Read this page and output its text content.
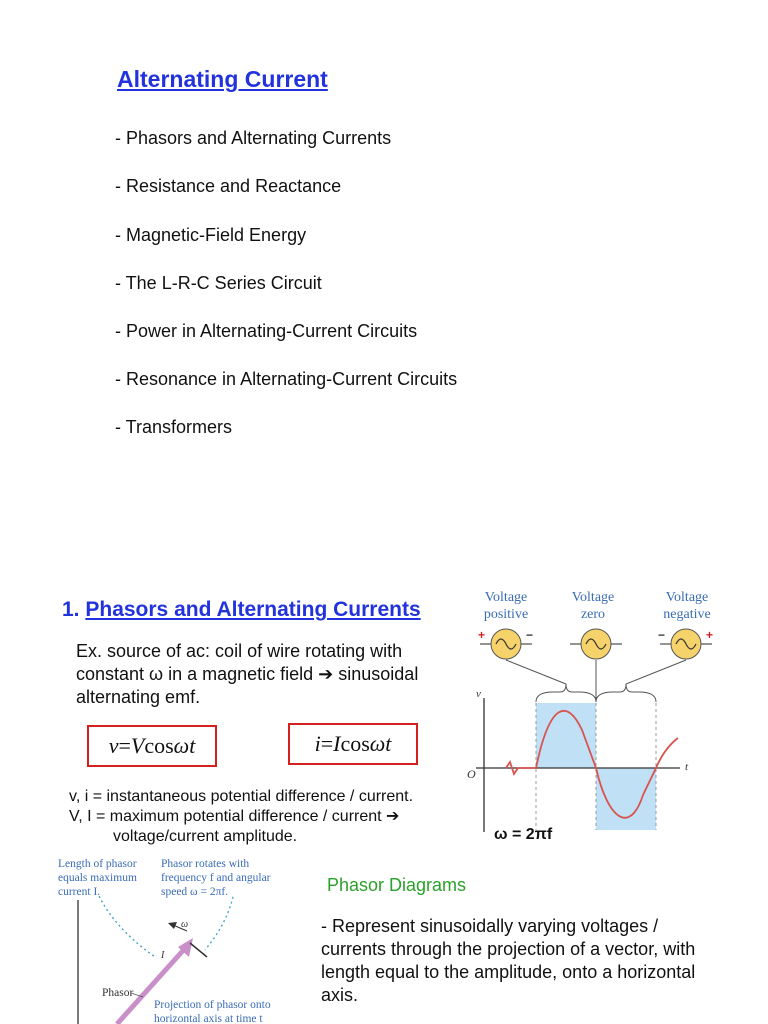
Alternating Current
- Phasors and Alternating Currents
- Resistance and Reactance
- Magnetic-Field Energy
- The L-R-C Series Circuit
- Power in Alternating-Current Circuits
- Resonance in Alternating-Current Circuits
- Transformers
1. Phasors and Alternating Currents
Ex. source of ac: coil of wire rotating with
constant ω in a magnetic field ➔ sinusoidal
alternating emf.
v = V cos ωt	i = I cos ωt
v, i = instantaneous potential difference / current.
V, I = maximum potential difference / current ➔
voltage/current amplitude.	ω = 2πf
Voltage
positive
Voltage
zero
Voltage
negative
v
t
O
+	−	−	+
Length of phasor equals maximum current I.
Phasor rotates with frequency f and angular speed ω = 2πf.
Projection of phasor onto horizontal axis at time t
Phasor
ω
I
Phasor Diagrams
- Represent sinusoidally varying voltages / currents through the projection of a vector, with length equal to the amplitude, onto a horizontal axis.
